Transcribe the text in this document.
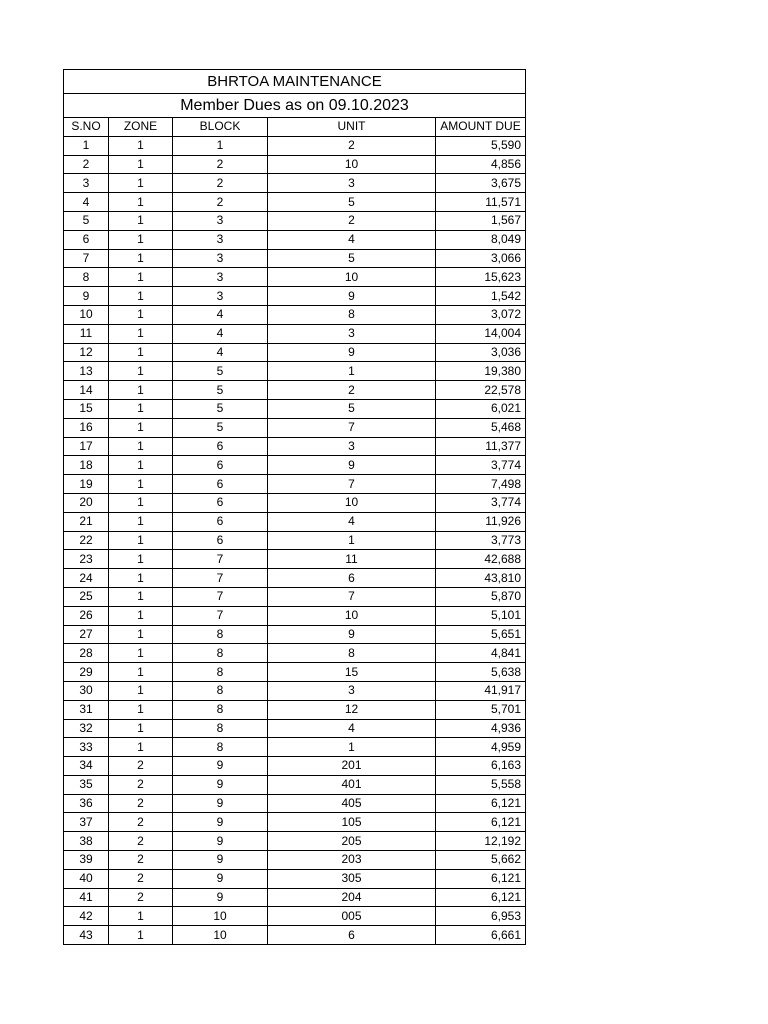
BHRTOA MAINTENANCE				
Member Dues as on 09.10.2023				
S.NO	ZONE	BLOCK	UNIT	AMOUNT DUE
1	1	1	2	5,590
2	1	2	10	4,856
3	1	2	3	3,675
4	1	2	5	11,571
5	1	3	2	1,567
6	1	3	4	8,049
7	1	3	5	3,066
8	1	3	10	15,623
9	1	3	9	1,542
10	1	4	8	3,072
11	1	4	3	14,004
12	1	4	9	3,036
13	1	5	1	19,380
14	1	5	2	22,578
15	1	5	5	6,021
16	1	5	7	5,468
17	1	6	3	11,377
18	1	6	9	3,774
19	1	6	7	7,498
20	1	6	10	3,774
21	1	6	4	11,926
22	1	6	1	3,773
23	1	7	11	42,688
24	1	7	6	43,810
25	1	7	7	5,870
26	1	7	10	5,101
27	1	8	9	5,651
28	1	8	8	4,841
29	1	8	15	5,638
30	1	8	3	41,917
31	1	8	12	5,701
32	1	8	4	4,936
33	1	8	1	4,959
34	2	9	201	6,163
35	2	9	401	5,558
36	2	9	405	6,121
37	2	9	105	6,121
38	2	9	205	12,192
39	2	9	203	5,662
40	2	9	305	6,121
41	2	9	204	6,121
42	1	10	005	6,953
43	1	10	6	6,661
